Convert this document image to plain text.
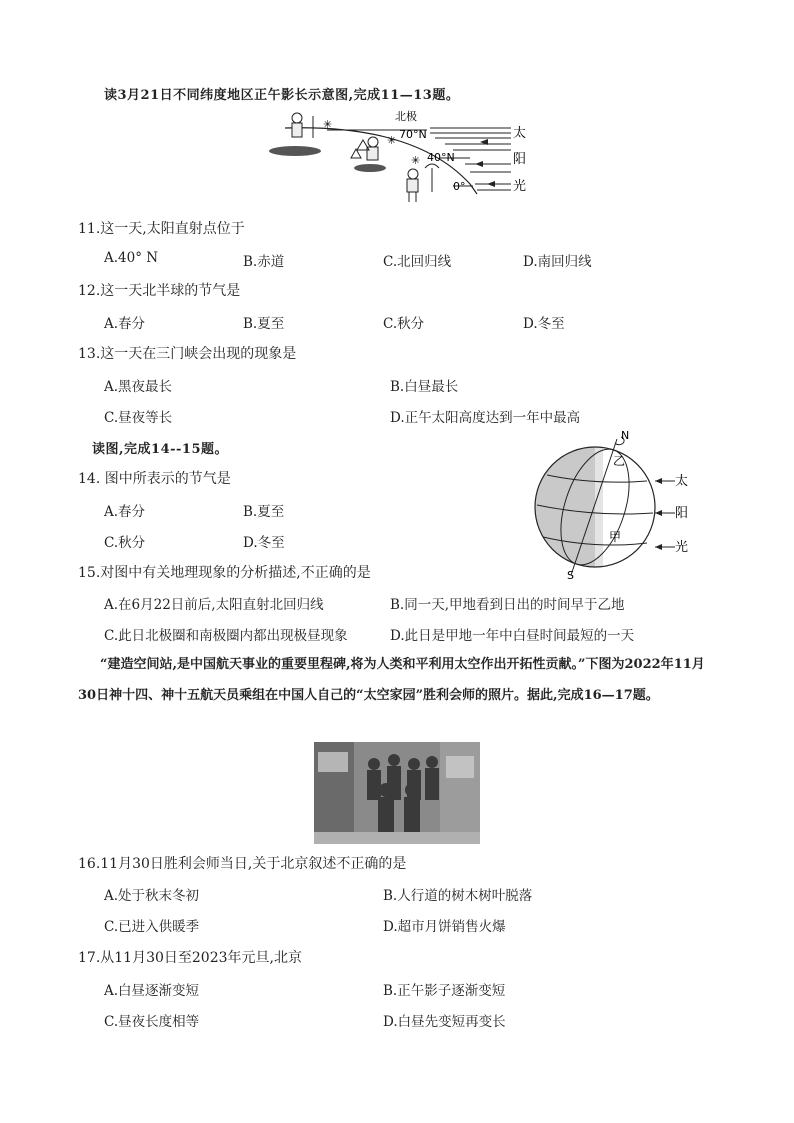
读3月21日不同纬度地区正午影长示意图,完成11—13题。
✳
✳
✳
北极
70°N
40°N
0°
太
阳
光
11.这一天,太阳直射点位于
A.40° N	B.赤道	C.北回归线	D.南回归线
12.这一天北半球的节气是
A.春分	B.夏至	C.秋分	D.冬至
13.这一天在三门峡会出现的现象是
A.黑夜最长	B.白昼最长
C.昼夜等长	D.正午太阳高度达到一年中最高
读图,完成14--15题。
N
S
乙
甲
太
阳
光
14. 图中所表示的节气是
A.春分	B.夏至
C.秋分	D.冬至
15.对图中有关地理现象的分析描述,不正确的是
A.在6月22日前后,太阳直射北回归线	B.同一天,甲地看到日出的时间早于乙地
C.此日北极圈和南极圈内都出现极昼现象	D.此日是甲地一年中白昼时间最短的一天
“建造空间站,是中国航天事业的重要里程碑,将为人类和平利用太空作出开拓性贡献。”下图为2022年11月30日神十四、神十五航天员乘组在中国人自己的“太空家园”胜利会师的照片。据此,完成16—17题。
16.11月30日胜利会师当日,关于北京叙述不正确的是
A.处于秋末冬初	B.人行道的树木树叶脱落
C.已进入供暖季	D.超市月饼销售火爆
17.从11月30日至2023年元旦,北京
A.白昼逐渐变短	B.正午影子逐渐变短
C.昼夜长度相等	D.白昼先变短再变长
